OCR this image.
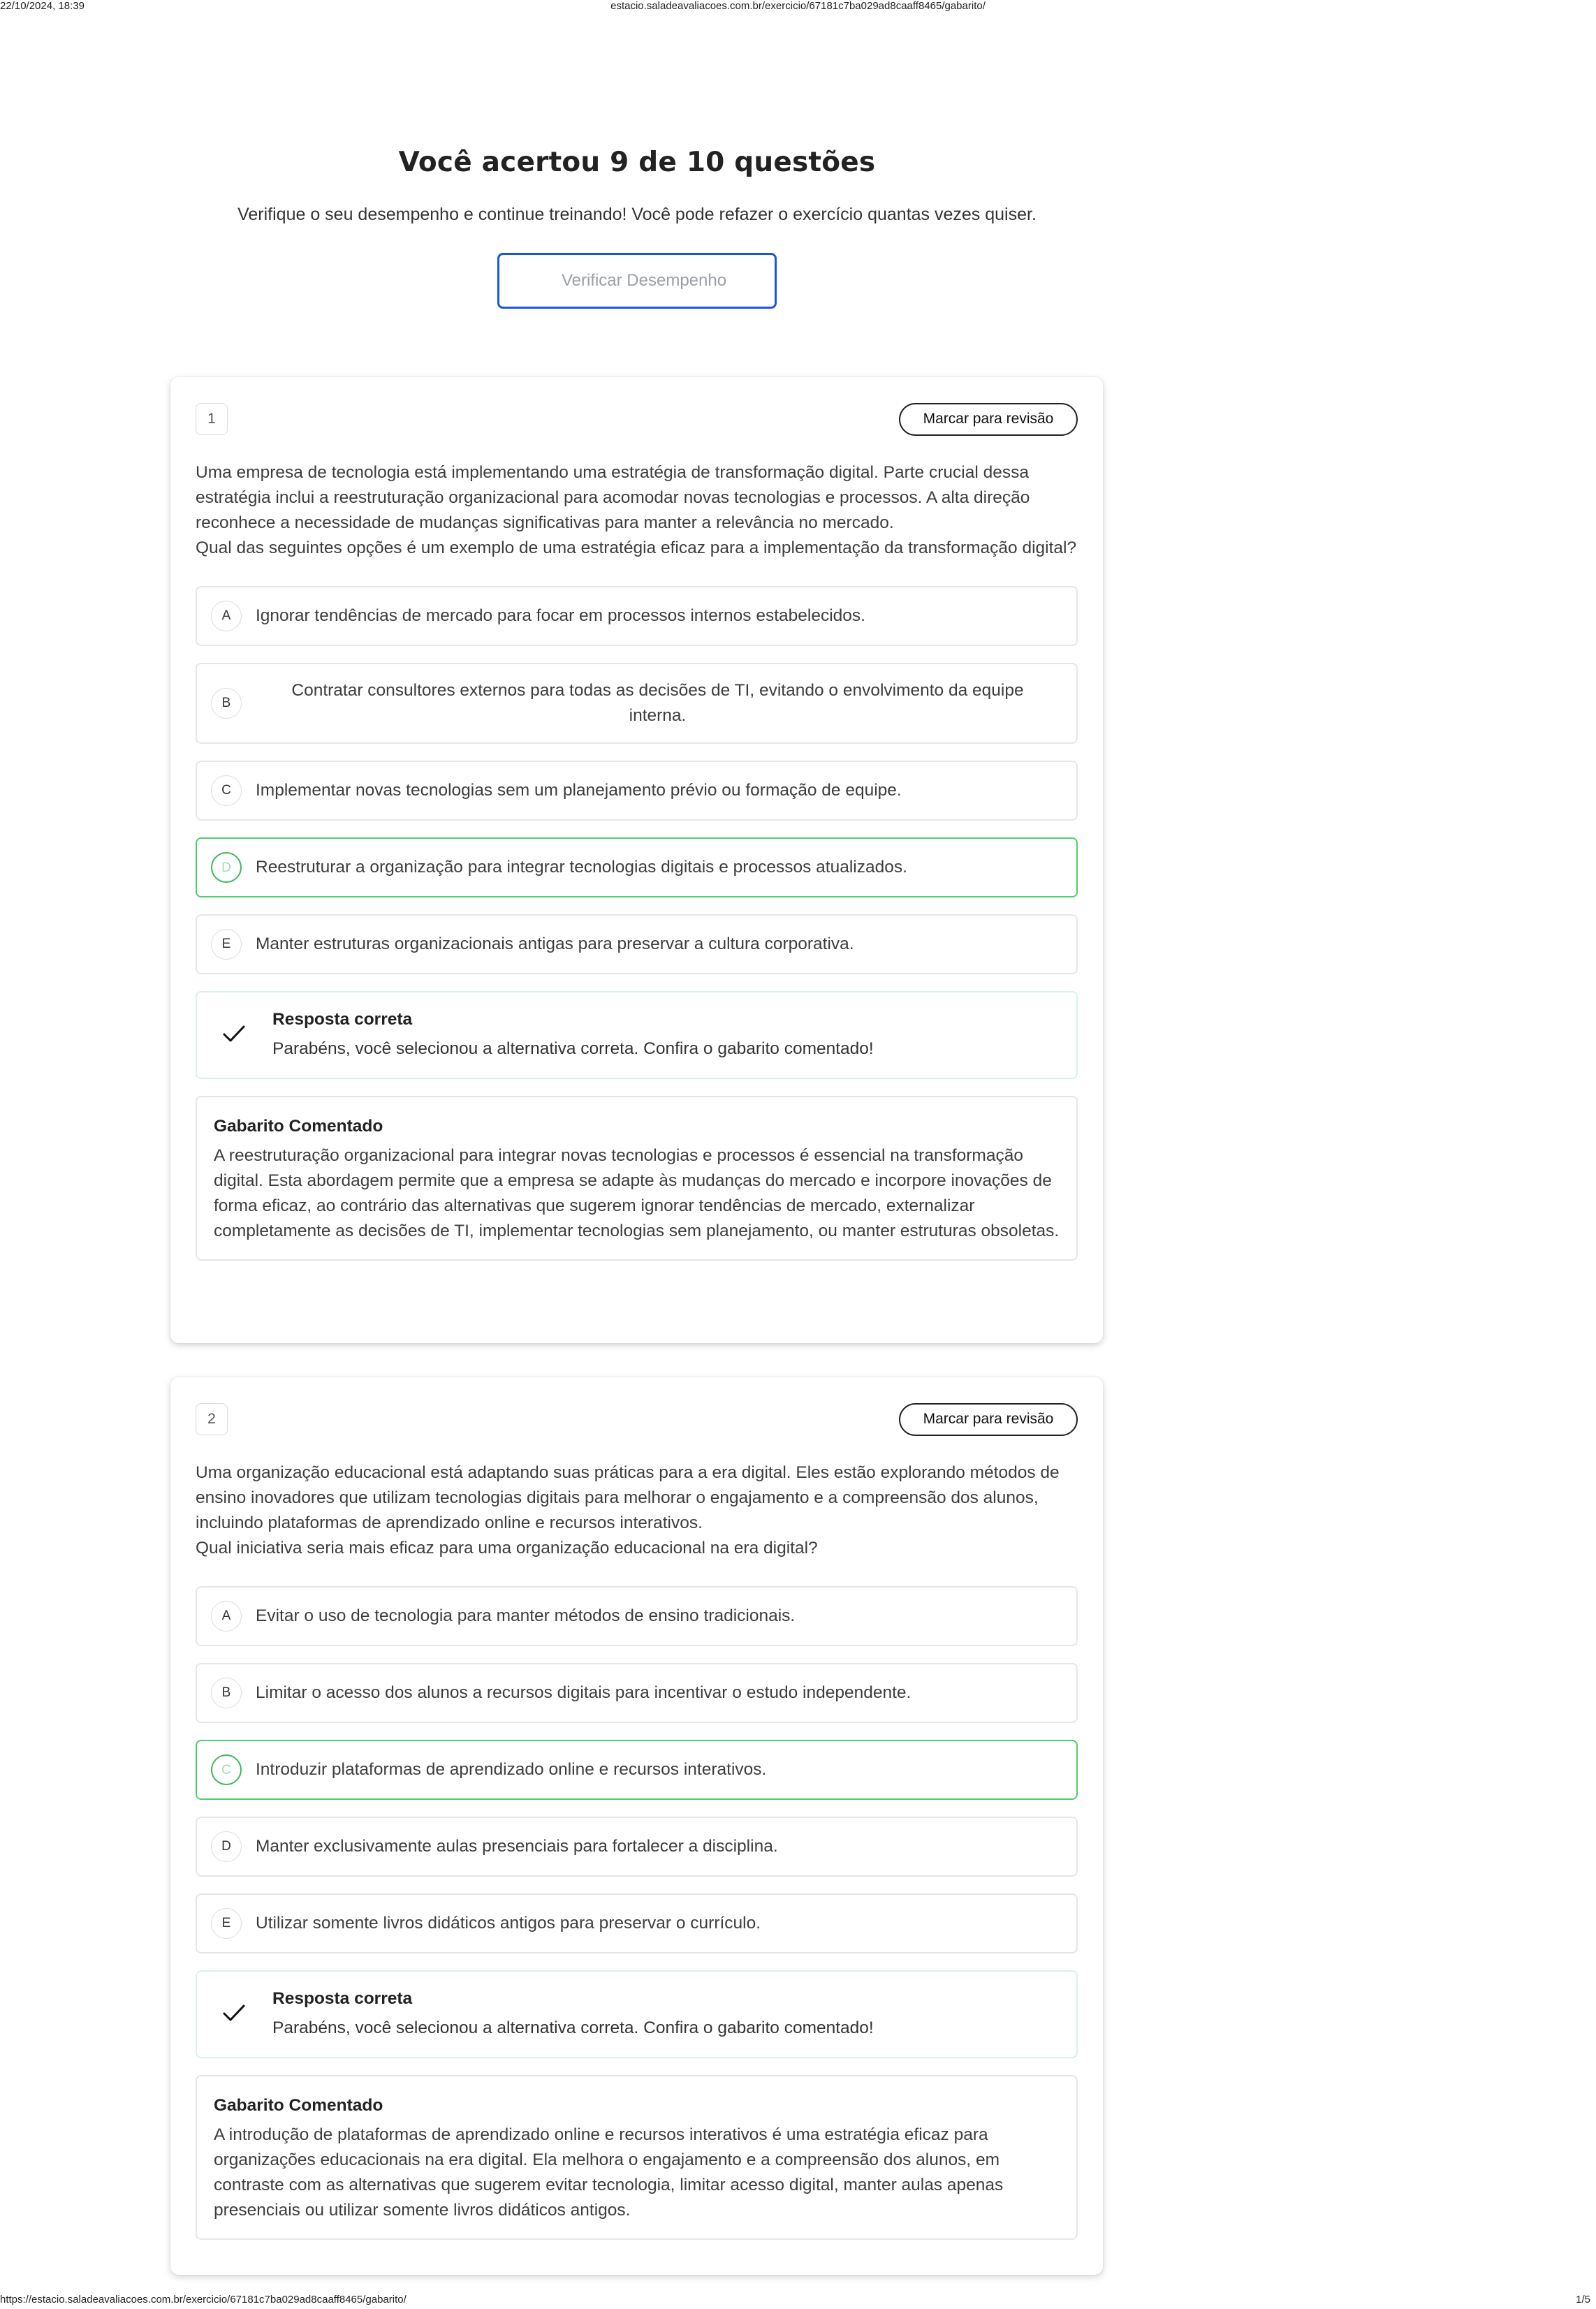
22/10/2024, 18:39	estacio.saladeavaliacoes.com.br/exercicio/67181c7ba029ad8caaff8465/gabarito/
Você acertou 9 de 10 questões
Verifique o seu desempenho e continue treinando! Você pode refazer o exercício quantas vezes quiser.
Verificar Desempenho
1	Marcar para revisão

Uma empresa de tecnologia está implementando uma estratégia de transformação digital. Parte crucial dessa estratégia inclui a reestruturação organizacional para acomodar novas tecnologias e processos. A alta direção reconhece a necessidade de mudanças significativas para manter a relevância no mercado.

Qual das seguintes opções é um exemplo de uma estratégia eficaz para a implementação da transformação digital?

A	Ignorar tendências de mercado para focar em processos internos estabelecidos.
B
Contratar consultores externos para todas as decisões de TI, evitando o envolvimento da equipe interna.
C	Implementar novas tecnologias sem um planejamento prévio ou formação de equipe.
D	Reestruturar a organização para integrar tecnologias digitais e processos atualizados.
E	Manter estruturas organizacionais antigas para preservar a cultura corporativa.
Resposta correta
Parabéns, você selecionou a alternativa correta. Confira o gabarito comentado!
Gabarito Comentado
A reestruturação organizacional para integrar novas tecnologias e processos é essencial na transformação digital. Esta abordagem permite que a empresa se adapte às mudanças do mercado e incorpore inovações de forma eficaz, ao contrário das alternativas que sugerem ignorar tendências de mercado, externalizar completamente as decisões de TI, implementar tecnologias sem planejamento, ou manter estruturas obsoletas.
2	Marcar para revisão

Uma organização educacional está adaptando suas práticas para a era digital. Eles estão explorando métodos de ensino inovadores que utilizam tecnologias digitais para melhorar o engajamento e a compreensão dos alunos, incluindo plataformas de aprendizado online e recursos interativos.

Qual iniciativa seria mais eficaz para uma organização educacional na era digital?

A	Evitar o uso de tecnologia para manter métodos de ensino tradicionais.
B	Limitar o acesso dos alunos a recursos digitais para incentivar o estudo independente.
C	Introduzir plataformas de aprendizado online e recursos interativos.
D	Manter exclusivamente aulas presenciais para fortalecer a disciplina.
E	Utilizar somente livros didáticos antigos para preservar o currículo.
Resposta correta
Parabéns, você selecionou a alternativa correta. Confira o gabarito comentado!
Gabarito Comentado
A introdução de plataformas de aprendizado online e recursos interativos é uma estratégia eficaz para organizações educacionais na era digital. Ela melhora o engajamento e a compreensão dos alunos, em contraste com as alternativas que sugerem evitar tecnologia, limitar acesso digital, manter aulas apenas presenciais ou utilizar somente livros didáticos antigos.
https://estacio.saladeavaliacoes.com.br/exercicio/67181c7ba029ad8caaff8465/gabarito/	1/5
